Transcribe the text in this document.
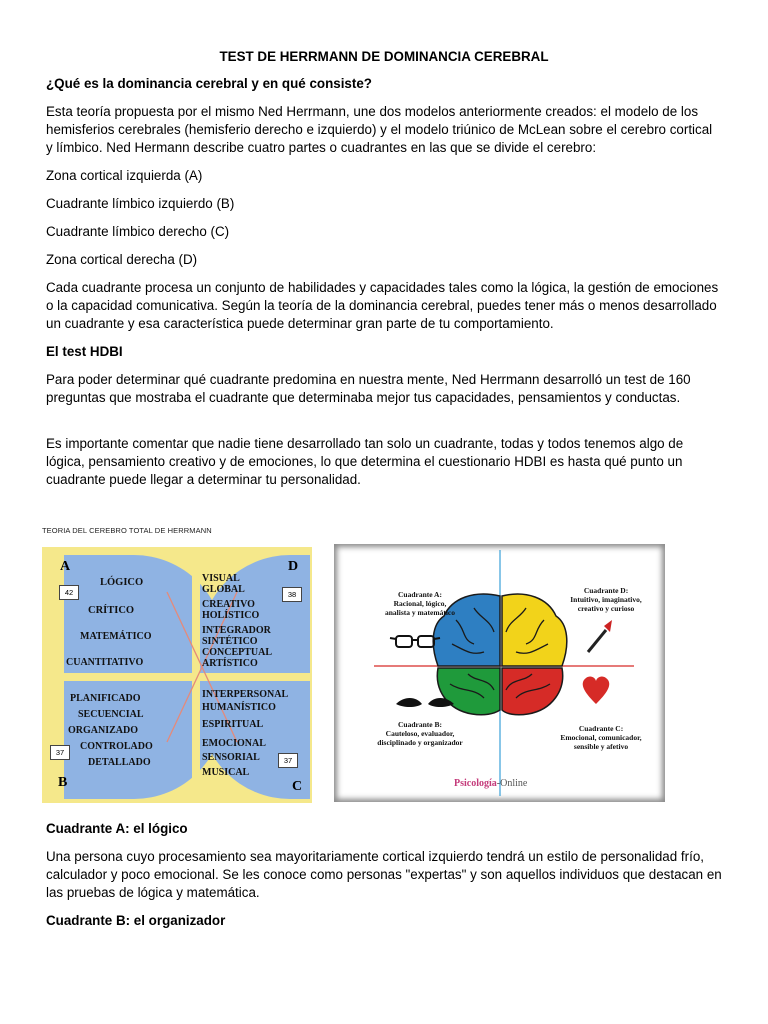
TEST DE HERRMANN DE DOMINANCIA CEREBRAL
¿Qué es la dominancia cerebral y en qué consiste?
Esta teoría propuesta por el mismo Ned Herrmann, une dos modelos anteriormente creados: el modelo de los hemisferios cerebrales (hemisferio derecho e izquierdo) y el modelo triúnico de McLean sobre el cerebro cortical y límbico. Ned Hermann describe cuatro partes o cuadrantes en las que se divide el cerebro:
Zona cortical izquierda (A)
Cuadrante límbico izquierdo (B)
Cuadrante límbico derecho (C)
Zona cortical derecha (D)
Cada cuadrante procesa un conjunto de habilidades y capacidades tales como la lógica, la gestión de emociones o la capacidad comunicativa. Según la teoría de la dominancia cerebral, puedes tener más o menos desarrollado un cuadrante y esa característica puede determinar gran parte de tu comportamiento.
El test HDBI
Para poder determinar qué cuadrante predomina en nuestra mente, Ned Herrmann desarrolló un test de 160 preguntas que mostraba el cuadrante que determinaba mejor tus capacidades, pensamientos y conductas.
Es importante comentar que nadie tiene desarrollado tan solo un cuadrante, todas y todos tenemos algo de lógica, pensamiento creativo y de emociones, lo que determina el cuestionario HDBI es hasta qué punto un cuadrante puede llegar a determinar tu personalidad.
TEORIA DEL CEREBRO TOTAL DE HERRMANN
A	D
B	C
42	38
37
37
LÓGICO
CRÍTICO
MATEMÁTICO
CUANTITATIVO
PLANIFICADO
SECUENCIAL
ORGANIZADO
CONTROLADO
DETALLADO
VISUAL
GLOBAL
CREATIVO
HOLÍSTICO
INTEGRADOR
SINTÉTICO
CONCEPTUAL
ARTÍSTICO
INTERPERSONAL
HUMANÍSTICO
ESPIRITUAL
EMOCIONAL
SENSORIAL
MUSICAL
Cuadrante A:
Racional, lógico,
analista y matemático
Cuadrante D:
Intuitivo, imaginativo,
creativo y curioso
Cuadrante B:
Cauteloso, evaluador,
disciplinado y organizador
Cuadrante C:
Emocional, comunicador,
sensible y afetivo
Psicología-Online
Cuadrante A: el lógico
Una persona cuyo procesamiento sea mayoritariamente cortical izquierdo tendrá un estilo de personalidad frío, calculador y poco emocional. Se les conoce como personas "expertas" y son aquellos individuos que destacan en las pruebas de lógica y matemática.
Cuadrante B: el organizador
